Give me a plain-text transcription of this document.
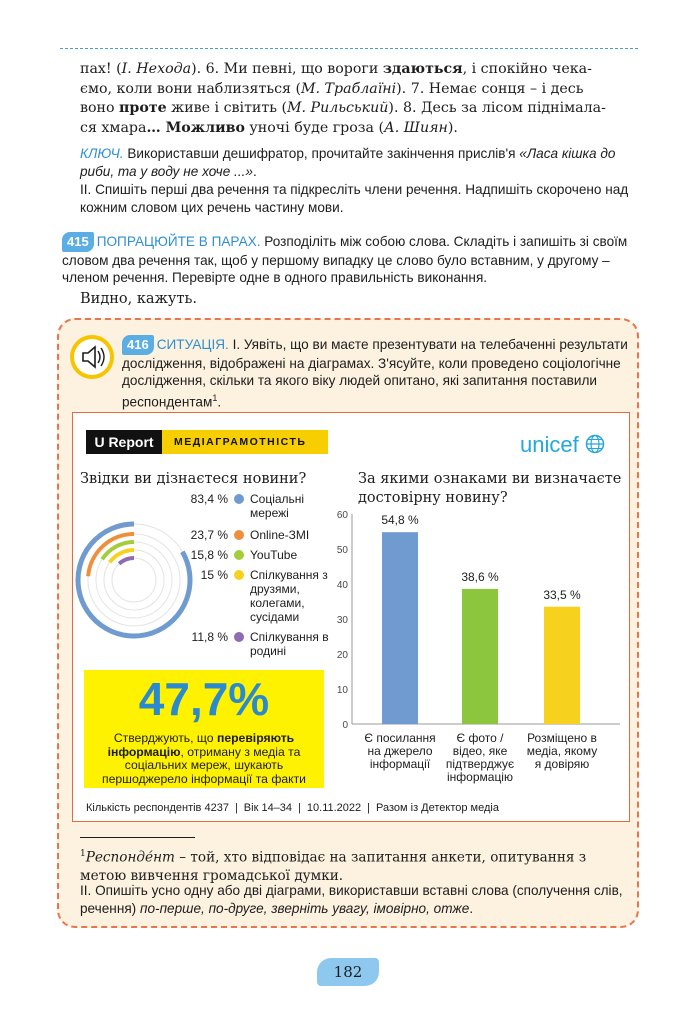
пах! (І. Нехода). 6. Ми певні, що вороги здаються, і спокійно чека-
ємо, коли вони наблизяться (М. Траблаїні). 7. Немає сонця – і десь
воно проте живе і світить (М. Рильський). 8. Десь за лісом піднімала-
ся хмара… Можливо уночі буде гроза (А. Шиян).
КЛЮЧ. Використавши дешифратор, прочитайте закінчення прислів'я «Ласа кішка до риби, та у воду не хоче ...».
II. Спишіть перші два речення та підкресліть члени речення. Надпишіть скорочено над кожним словом цих речень частину мови.
415 ПОПРАЦЮЙТЕ В ПАРАХ. Розподіліть між собою слова. Складіть і запишіть зі своїм словом два речення так, щоб у першому випадку це слово було вставним, у другому – членом речення. Перевірте одне в одного правильність виконання.
Видно, кажуть.
416 СИТУАЦІЯ. I. Уявіть, що ви маєте презентувати на телебаченні результати дослідження, відображені на діаграмах. З'ясуйте, коли проведено соціологічне дослідження, скільки та якого віку людей опитано, які запитання поставили респондентам$^1$.
U Report	МЕДІАГРАМОТНІСТЬ	unicef
Звідки ви дізнаєтеся новини?
83,4 % Соціальні мережі
23,7 % Online-ЗМІ
15,8 % YouTube
15 % Спілкування з друзями, колегами, сусідами
11,8 % Спілкування в родині
47,7%
Стверджують, що перевіряють інформацію, отриману з медіа та соціальних мереж, шукають першоджерело інформації та факти
За якими ознаками ви визначаєте достовірну новину?
0
10
20
30
40
50
60	54,8 %
Є посилання на джерело інформації
38,6 %
Є фото / відео, яке підтверджує інформацію
33,5 %
Розміщено в медіа, якому я довіряю
Кількість респондентів 4237 | Вік 14–34 | 10.11.2022 | Разом із Детектор медіа
$^1$Респонде́нт – той, хто відповідає на запитання анкети, опитування з метою вивчення громадської думки.
II. Опишіть усно одну або дві діаграми, використавши вставні слова (сполучення слів, речення) по-перше, по-друге, зверніть увагу, імовірно, отже.
182
